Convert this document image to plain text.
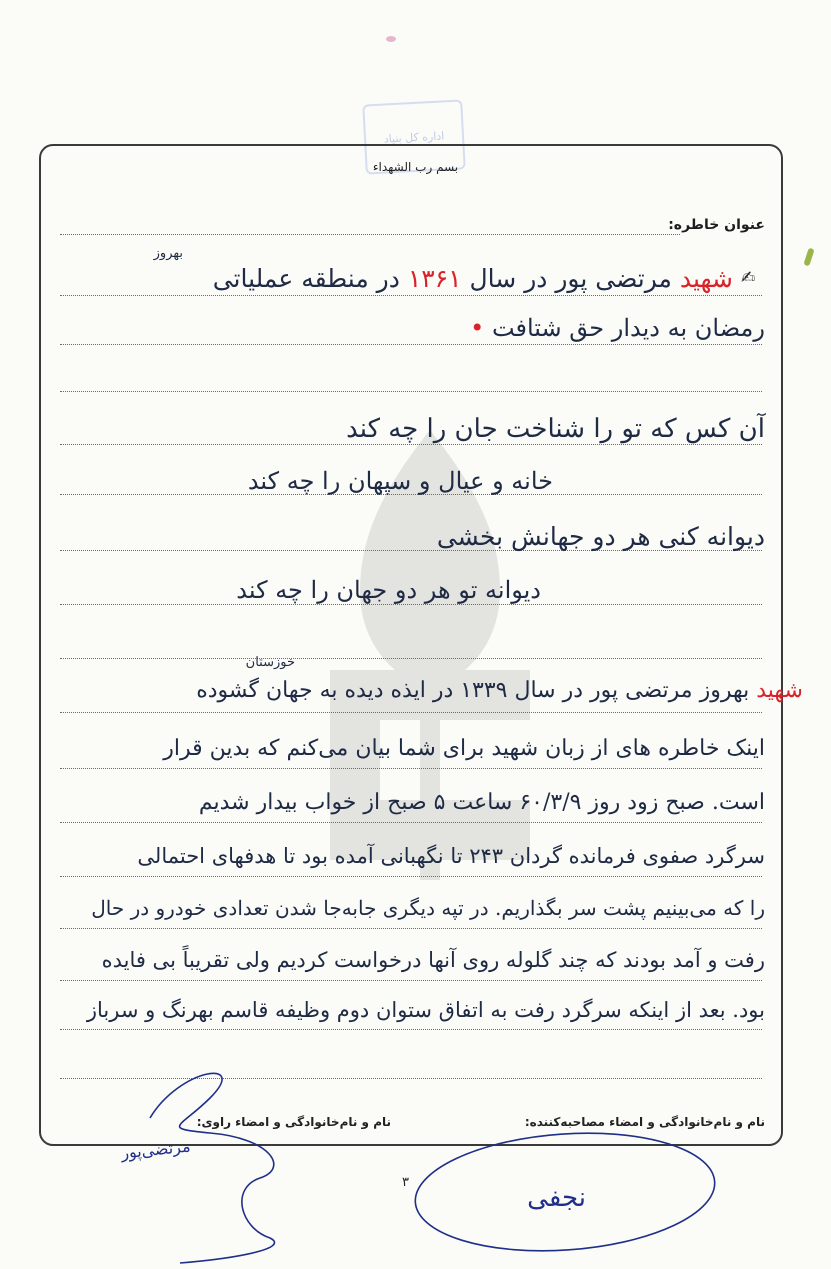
اداره کل بنیاد
بسم رب الشهداء
عنوان خاطره:
✍
شهید مرتضی پور در سال ۱۳۶۱ در منطقه عملیاتی
بهروز
رمضان به دیدار حق شتافت •
آن کس که تو را شناخت جان را چه کند
خانه و عیال و سپهان را چه کند
دیوانه کنی هر دو جهانش بخشی
دیوانه تو هر دو جهان را چه کند
خوزستان
شهید بهروز مرتضی پور در سال ۱۳۳۹ در ایذه دیده به جهان گشوده
اینک خاطره های از زبان شهید برای شما بیان می‌کنم که بدین قرار
است. صبح زود روز ۶۰/۳/۹ ساعت ۵ صبح از خواب بیدار شدیم
سرگرد صفوی فرمانده گردان ۲۴۳ تا نگهبانی آمده بود تا هدفهای احتمالی
را که می‌بینیم پشت سر بگذاریم. در تپه دیگری جابه‌جا شدن تعدادی خودرو در حال
رفت و آمد بودند که چند گلوله روی آنها درخواست کردیم ولی تقریباً بی فایده
بود. بعد از اینکه سرگرد رفت به اتفاق ستوان دوم وظیفه قاسم بهرنگ و سرباز
نام و نام‌خانوادگی و امضاء مصاحبه‌کننده:
نام و نام‌خانوادگی و امضاء راوی:
مرتضی‌پور
نجفی
۳
